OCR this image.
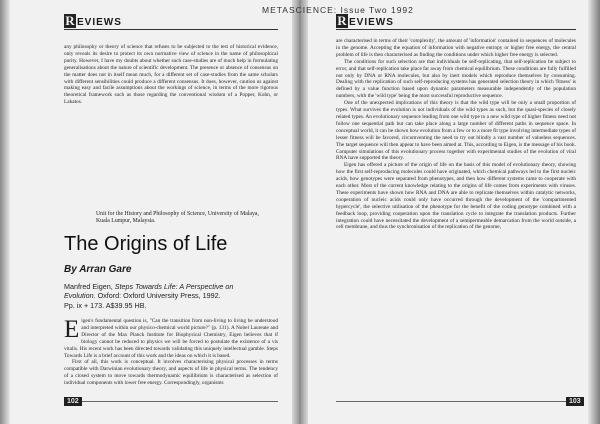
R EVIEWS

any philosophy or theory of science that refuses to be subjected to the test of historical evidence, only reveals its desire to protect its own normative view of science in the name of philosophical purity. However, I have my doubts about whether such case-studies are of much help in formulating generalisations about the nature of scientific development. The presence or absence of consensus on the matter does not in itself mean much, for a different set of case-studies from the same scholars with different sensibilities could produce a different consensus. It does, however, caution us against making easy and facile assumptions about the workings of science, in terms of the more rigorous theoretical framework such as those regarding the conventional wisdom of a Popper, Kuhn, or Lakatos.

Unit for the History and Philosophy of Science, University of Malaya, Kuala Lumpur, Malaysia.
The Origins of Life
By Arran Gare
Manfred Eigen, Steps Towards Life: A Perspective on Evolution. Oxford: Oxford University Press, 1992.
Pp. ix + 173. A$39.95 HB.
E igen's fundamental question is, "Can the transition from non-living to living be understood and interpreted within our physico-chemical world picture?" (p. 131). A Nobel Laureate and Director of the Max Planck Institute for Biophysical Chemistry, Eigen believes that if biology cannot be reduced to physics we will be forced to postulate the existence of a vis vitalis. His recent work has been directed towards validating this uniquely intellectual gamble. Steps Towards Life is a brief account of this work and the ideas on which it is based.

First of all, this work is conceptual. It involves characterising physical processes in terms compatible with Darwinian evolutionary theory, and aspects of life in physical terms. The tendency of a closed system to move towards thermodynamic equilibrium is characterised as selection of individual components with lower free energy. Correspondingly, organisms

102
R EVIEWS

are characterised in terms of their 'complexity', the amount of 'information' contained in sequences of molecules in the genome. Accepting the equation of information with negative entropy or higher free energy, the central problem of life is then characterised as finding the conditions under which higher free energy is selected.

The conditions for such selection are that individuals be self-replicating, that self-replication be subject to error, and that self-replication take place far away from chemical equilibrium. These conditions are fully fulfilled not only by DNA or RNA molecules, but also by inert models which reproduce themselves by consuming. Dealing with the replication of such self-reproducing systems has generated selection theory in which 'fitness' is defined by a value function based upon dynamic parameters measurable independently of the population numbers, with the 'wild type' being the most successful reproductive sequence.

One of the unexpected implications of this theory is that the wild type will be only a small proportion of types. What survives the evolution is not individuals of the wild types as such, but the quasi-species of closely related types. An evolutionary sequence leading from one wild type to a new wild type of higher fitness need not follow one sequential path but can take place along a large number of different paths in sequence space. In conceptual world, it can be shown how evolution from a few or to a more fit type involving intermediate types of lesser fitness will be favored, circumventing the need to try out blindly a vast number of valueless sequences. The target sequence will then appear to have been aimed at. This, according to Eigen, is the message of his book. Computer simulations of this evolutionary process together with experimental studies of the evolution of viral RNA have supported the theory.

Eigen has offered a picture of the origin of life on the basis of this model of evolutionary theory, showing how the first self-reproducing molecules could have originated, which chemical pathways led to the first nucleic acids, how genotypes were separated from phenotypes, and then how different systems came to cooperate with each other. Most of the current knowledge relating to the origins of life comes from experiments with viruses. These experiments have shown how RNA and DNA are able to replicate themselves within catalytic networks, cooperation of nucleic acids could only have occurred through the development of the 'compartmented hypercycle', the selective utilisation of the phenotype for the benefit of the coding genotype combined with a feedback loop, providing cooperation upon the translation cycle to integrate the translation products. Further integration could have necessitated the development of a semipermeable demarcation from the world outside, a cell membrane, and thus the synchronisation of the replication of the genome,

103
METASCIENCE: Issue Two 1992
